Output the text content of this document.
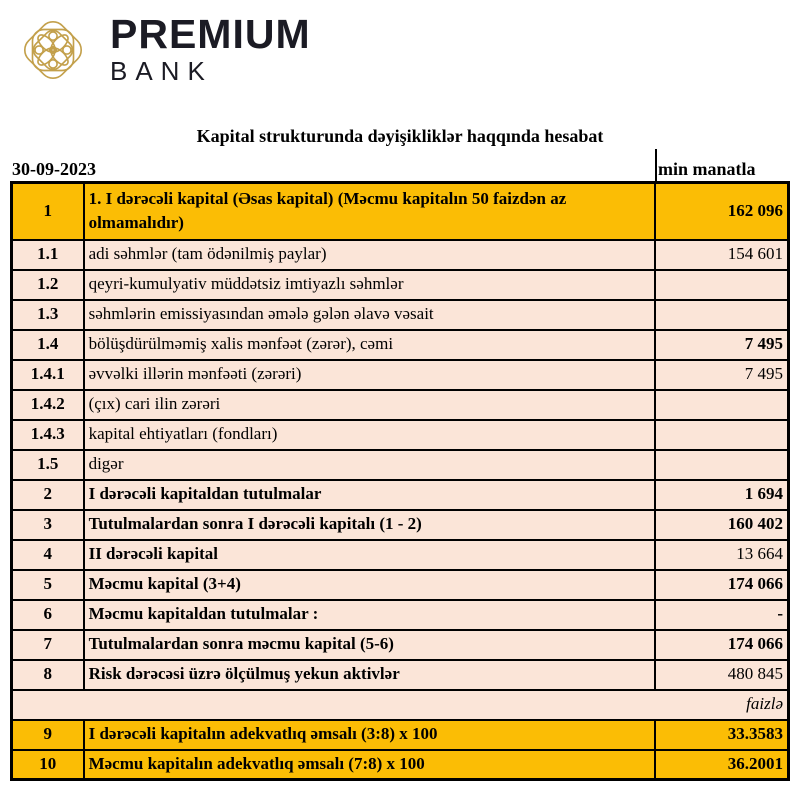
PREMIUM
BANK
Kapital strukturunda dəyişikliklər haqqında hesabat
30-09-2023	min manatla
1	1. I dərəcəli kapital (Əsas kapital) (Məcmu kapitalın 50 faizdən az olmamalıdır)	162 096
1.1	adi səhmlər (tam ödənilmiş paylar)	154 601
1.2	qeyri-kumulyativ müddətsiz imtiyazlı səhmlər	
1.3	səhmlərin emissiyasından əmələ gələn əlavə vəsait	
1.4	bölüşdürülməmiş xalis mənfəət (zərər), cəmi	7 495
1.4.1	əvvəlki illərin mənfəəti (zərəri)	7 495
1.4.2	(çıx) cari ilin zərəri	
1.4.3	kapital ehtiyatları (fondları)	
1.5	digər	
2	I dərəcəli kapitaldan tutulmalar	1 694
3	Tutulmalardan sonra I dərəcəli kapitalı (1 - 2)	160 402
4	II dərəcəli kapital	13 664
5	Məcmu kapital (3+4)	174 066
6	Məcmu kapitaldan tutulmalar :	-
7	Tutulmalardan sonra məcmu kapital (5-6)	174 066
8	Risk dərəcəsi üzrə ölçülmuş yekun aktivlər	480 845
faizlə		
9	I dərəcəli kapitalın adekvatlıq əmsalı (3:8) x 100	33.3583
10	Məcmu kapitalın adekvatlıq əmsalı (7:8) x 100	36.2001
